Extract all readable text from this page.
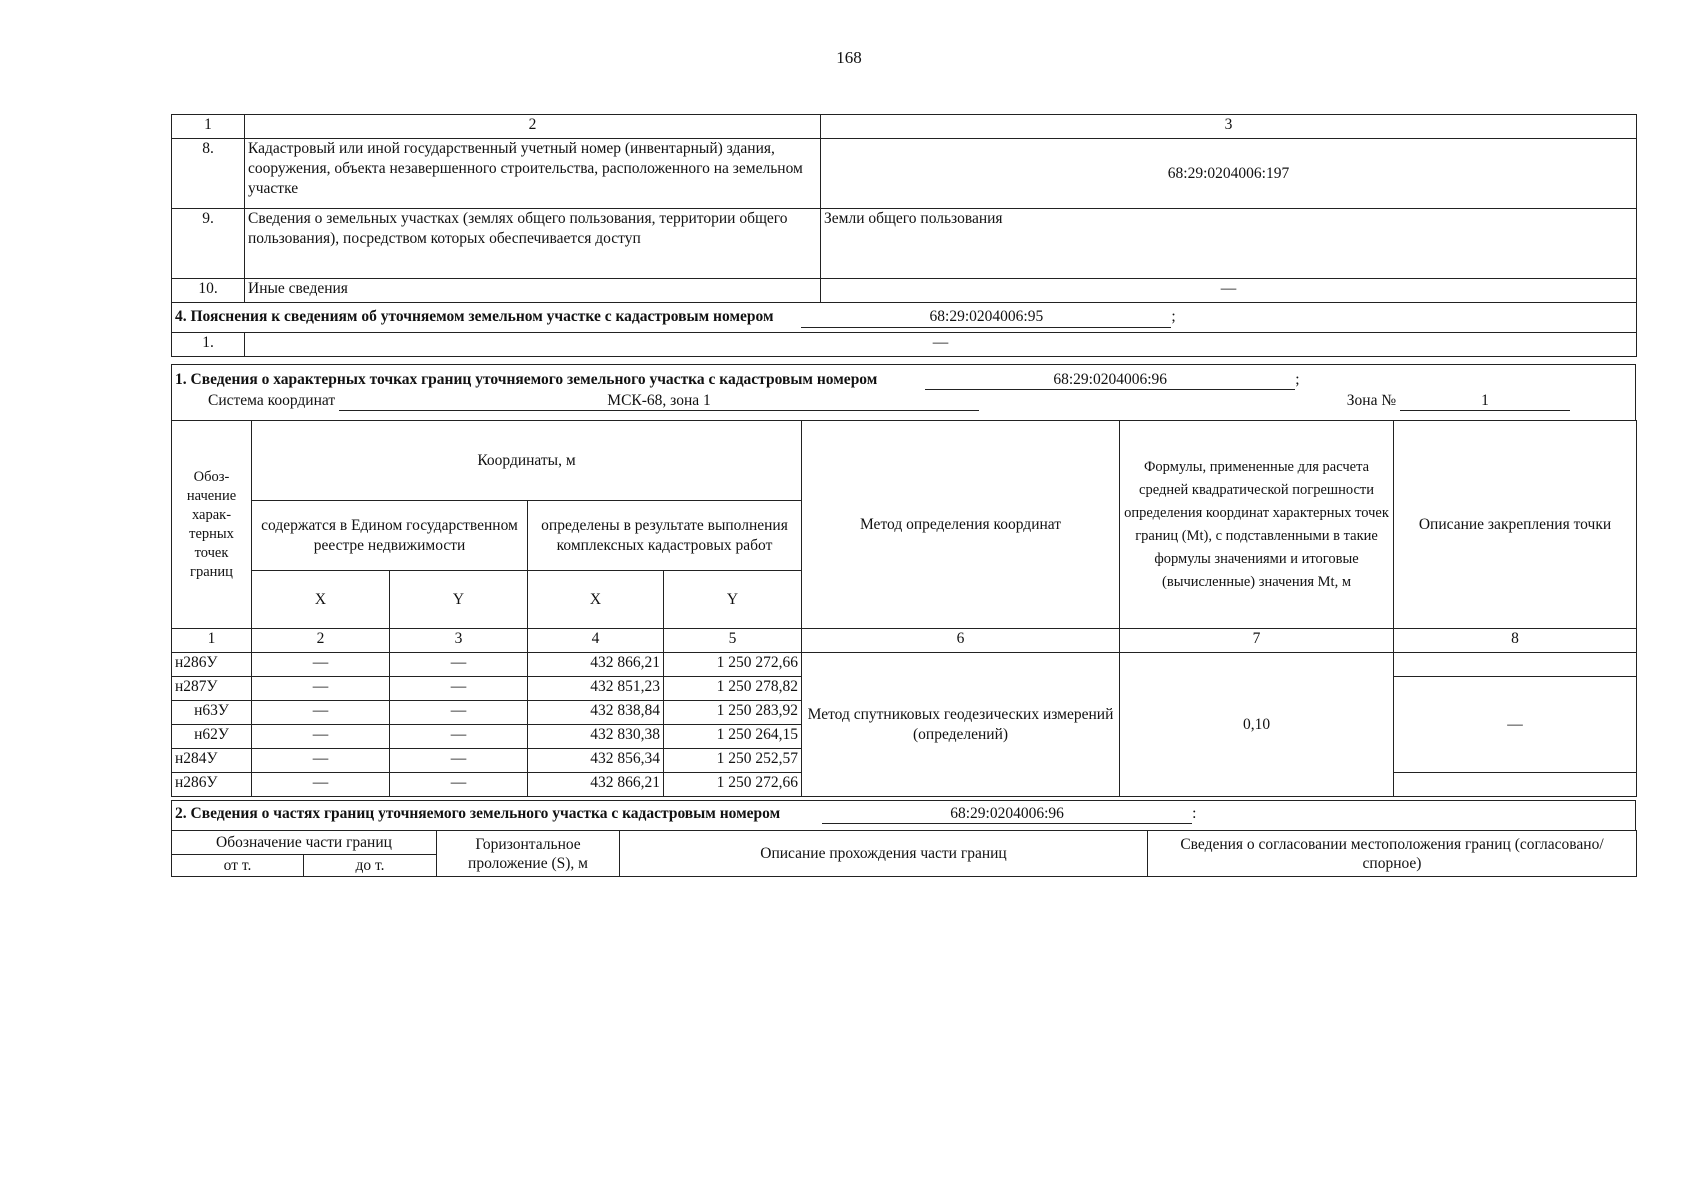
168
1	2	3
8.	Кадастровый или иной государственный учетный номер (инвентарный) здания, сооружения, объекта незавершенного строительства, расположенного на земельном участке	68:29:0204006:197
9.	Сведения о земельных участках (землях общего пользования, территории общего пользования), посредством которых обеспечивается доступ	Земли общего пользования
10.	Иные сведения	—
4. Пояснения к сведениям об уточняемом земельном участке с кадастровым номером 68:29:0204006:95 ;		
1.	—	
1. Сведения о характерных точках границ уточняемого земельного участка с кадастровым номером	68:29:0204006:96	;
Система координат	МСК-68, зона 1	Зона №	1
Обоз-начение харак-терных точек границ	Координаты, м				Метод определения координат	Формулы, примененные для расчета средней квадратической погрешности определения координат характерных точек границ (Mt), с подставленными в такие формулы значениями и итоговые (вычисленные) значения Mt, м	Описание закрепления точки
	содержатся в Едином государственном реестре недвижимости		определены в результате выполнения комплексных кадастровых работ				
	X	Y	X	Y			
1	2	3	4	5	6	7	8
н286У	—	—	432 866,21	1 250 272,66	Метод спутниковых геодезических измерений (определений)	0,10	
н287У	—	—	432 851,23	1 250 278,82			—
н63У	—	—	432 838,84	1 250 283,92			
н62У	—	—	432 830,38	1 250 264,15			
н284У	—	—	432 856,34	1 250 252,57			
н286У	—	—	432 866,21	1 250 272,66			
2. Сведения о частях границ уточняемого земельного участка с кадастровым номером	68:29:0204006:96	:
Обозначение части границ		Горизонтальное проложение (S), м	Описание прохождения части границ	Сведения о согласовании местоположения границ (согласовано/спорное)
от т.	до т.			
